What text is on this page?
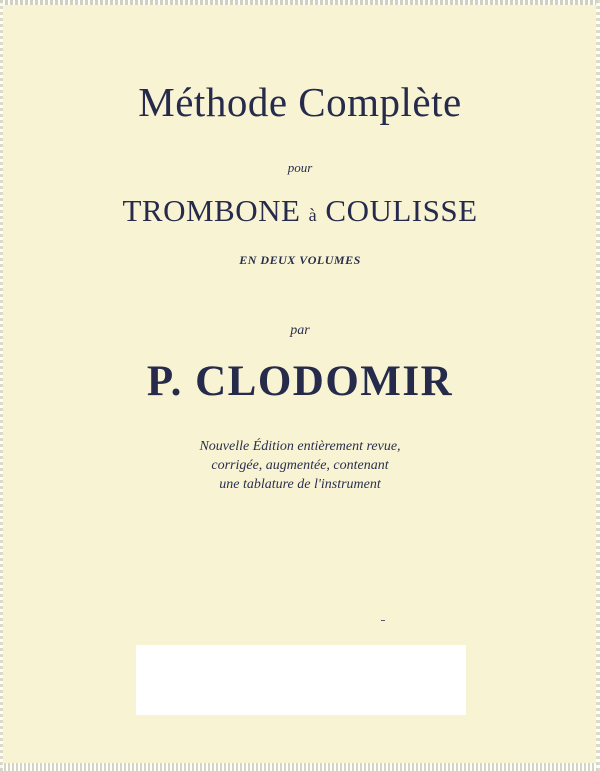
Méthode Complète
pour
TROMBONE à COULISSE
EN DEUX VOLUMES
par
P. CLODOMIR
Nouvelle Édition entièrement revue,
corrigée, augmentée, contenant
une tablature de l'instrument
